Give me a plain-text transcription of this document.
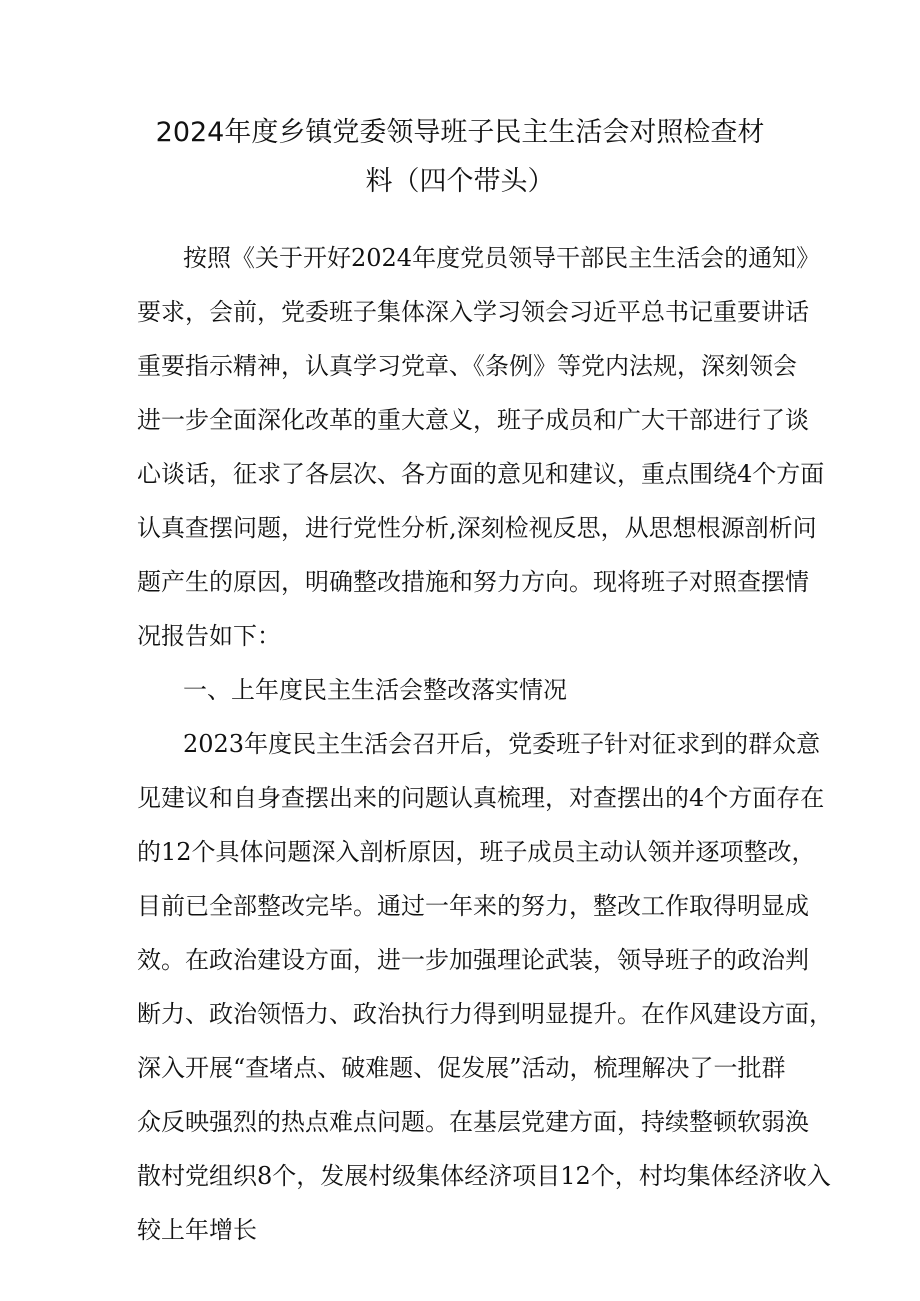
2024年度乡镇党委领导班子民主生活会对照检查材
料（四个带头）
按照《关于开好2024年度党员领导干部民主生活会的通知》
要求，会前，党委班子集体深入学习领会习近平总书记重要讲话
重要指示精神，认真学习党章、《条例》等党内法规，深刻领会
进一步全面深化改革的重大意义，班子成员和广大干部进行了谈
心谈话，征求了各层次、各方面的意见和建议，重点围绕4个方面
认真查摆问题，进行党性分析,深刻检视反思，从思想根源剖析问
题产生的原因，明确整改措施和努力方向。现将班子对照查摆情
况报告如下：
一、上年度民主生活会整改落实情况
2023年度民主生活会召开后，党委班子针对征求到的群众意
见建议和自身查摆出来的问题认真梳理，对查摆出的4个方面存在
的12个具体问题深入剖析原因，班子成员主动认领并逐项整改，
目前已全部整改完毕。通过一年来的努力，整改工作取得明显成
效。在政治建设方面，进一步加强理论武装，领导班子的政治判
断力、政治领悟力、政治执行力得到明显提升。在作风建设方面，
深入开展“查堵点、破难题、促发展”活动，梳理解决了一批群
众反映强烈的热点难点问题。在基层党建方面，持续整顿软弱涣
散村党组织8个，发展村级集体经济项目12个，村均集体经济收入
较上年增长
